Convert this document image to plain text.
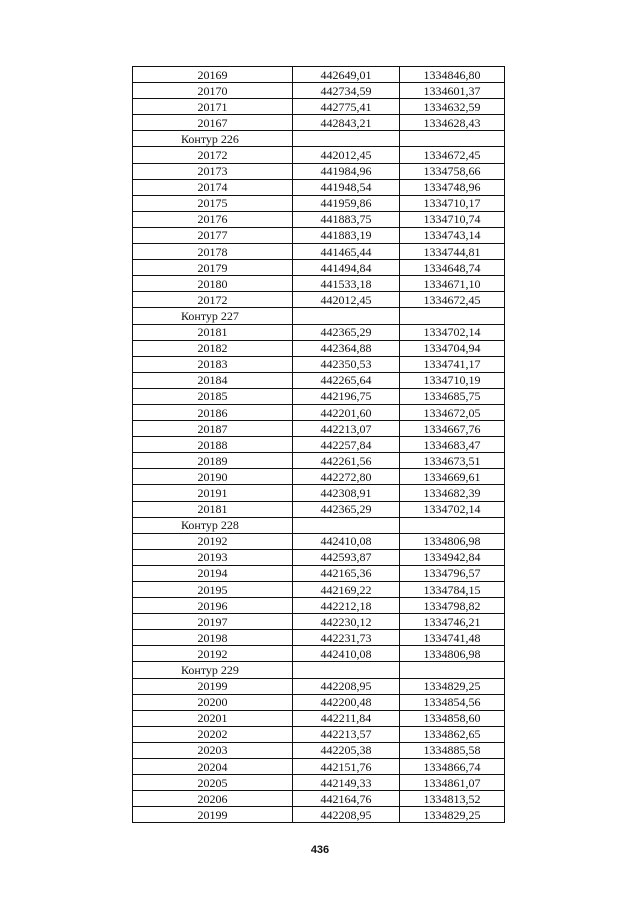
20169	442649,01	1334846,80
20170	442734,59	1334601,37
20171	442775,41	1334632,59
20167	442843,21	1334628,43
Контур 226		
20172	442012,45	1334672,45
20173	441984,96	1334758,66
20174	441948,54	1334748,96
20175	441959,86	1334710,17
20176	441883,75	1334710,74
20177	441883,19	1334743,14
20178	441465,44	1334744,81
20179	441494,84	1334648,74
20180	441533,18	1334671,10
20172	442012,45	1334672,45
Контур 227		
20181	442365,29	1334702,14
20182	442364,88	1334704,94
20183	442350,53	1334741,17
20184	442265,64	1334710,19
20185	442196,75	1334685,75
20186	442201,60	1334672,05
20187	442213,07	1334667,76
20188	442257,84	1334683,47
20189	442261,56	1334673,51
20190	442272,80	1334669,61
20191	442308,91	1334682,39
20181	442365,29	1334702,14
Контур 228		
20192	442410,08	1334806,98
20193	442593,87	1334942,84
20194	442165,36	1334796,57
20195	442169,22	1334784,15
20196	442212,18	1334798,82
20197	442230,12	1334746,21
20198	442231,73	1334741,48
20192	442410,08	1334806,98
Контур 229		
20199	442208,95	1334829,25
20200	442200,48	1334854,56
20201	442211,84	1334858,60
20202	442213,57	1334862,65
20203	442205,38	1334885,58
20204	442151,76	1334866,74
20205	442149,33	1334861,07
20206	442164,76	1334813,52
20199	442208,95	1334829,25
436
